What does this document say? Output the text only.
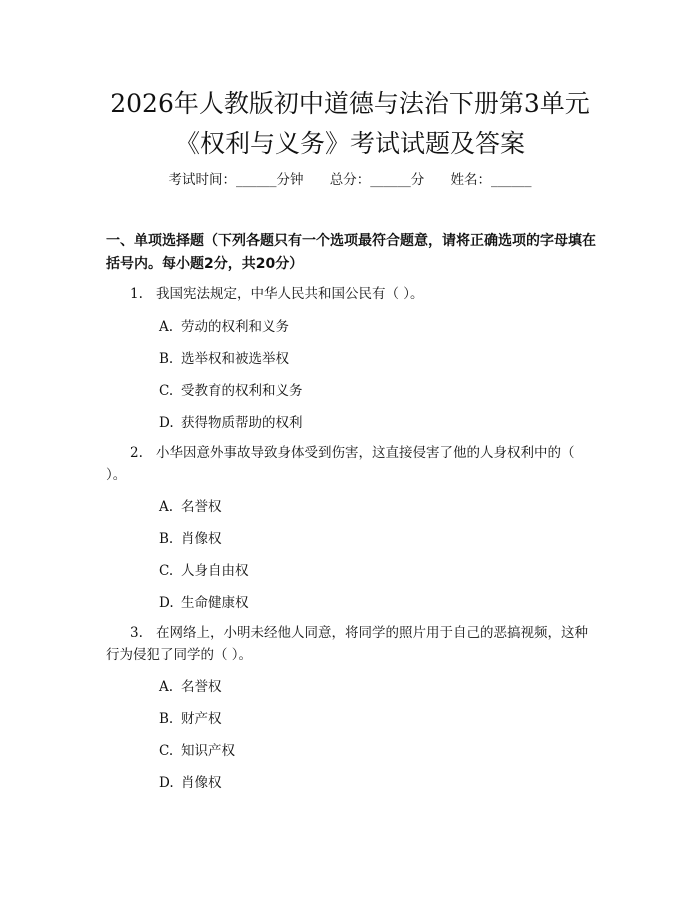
2026年人教版初中道德与法治下册第3单元
《权利与义务》考试试题及答案
考试时间：______分钟 总分：______分 姓名：______
一、单项选择题（下列各题只有一个选项最符合题意，请将正确选项的字母填在括号内。每小题2分，共20分）
1. 我国宪法规定，中华人民共和国公民有（ ）。
A. 劳动的权利和义务
B. 选举权和被选举权
C. 受教育的权利和义务
D. 获得物质帮助的权利
2. 小华因意外事故导致身体受到伤害，这直接侵害了他的人身权利中的（ ）。
A. 名誉权
B. 肖像权
C. 人身自由权
D. 生命健康权
3. 在网络上，小明未经他人同意，将同学的照片用于自己的恶搞视频，这种行为侵犯了同学的（ ）。
A. 名誉权
B. 财产权
C. 知识产权
D. 肖像权
